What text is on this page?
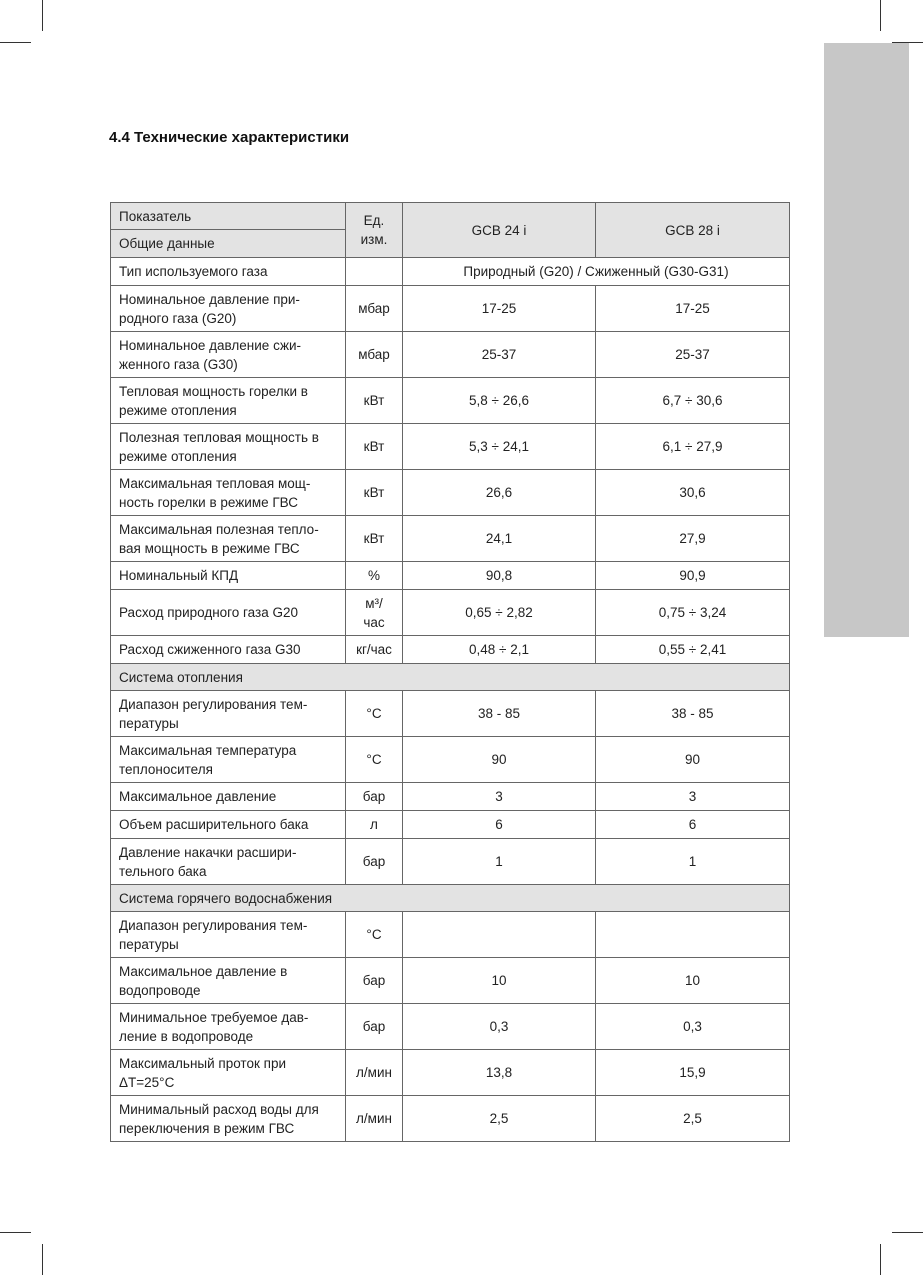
4.4 Технические характеристики
Показатель	Ед.
изм.	GCB 24 i	GCB 28 i
Общие данные			
Тип используемого газа		Природный (G20) / Сжиженный (G30-G31)	
Номинальное давление при-
родного газа (G20)	мбар	17-25	17-25
Номинальное давление сжи-
женного газа (G30)	мбар	25-37	25-37
Тепловая мощность горелки в
режиме отопления	кВт	5,8 ÷ 26,6	6,7 ÷ 30,6
Полезная тепловая мощность в
режиме отопления	кВт	5,3 ÷ 24,1	6,1 ÷ 27,9
Максимальная тепловая мощ-
ность горелки в режиме ГВС	кВт	26,6	30,6
Максимальная полезная тепло-
вая мощность в режиме ГВС	кВт	24,1	27,9
Номинальный КПД	%	90,8	90,9
Расход природного газа G20	м³/
час	0,65 ÷ 2,82	0,75 ÷ 3,24
Расход сжиженного газа G30	кг/час	0,48 ÷ 2,1	0,55 ÷ 2,41
Система отопления			
Диапазон регулирования тем-
пературы	°C	38 - 85	38 - 85
Максимальная температура
теплоносителя	°C	90	90
Максимальное давление	бар	3	3
Объем расширительного бака	л	6	6
Давление накачки расшири-
тельного бака	бар	1	1
Система горячего водоснабжения			
Диапазон регулирования тем-
пературы	°C		
Максимальное давление в
водопроводе	бар	10	10
Минимальное требуемое дав-
ление в водопроводе	бар	0,3	0,3
Максимальный проток при
ΔT=25°C	л/мин	13,8	15,9
Минимальный расход воды для
переключения в режим ГВС	л/мин	2,5	2,5
